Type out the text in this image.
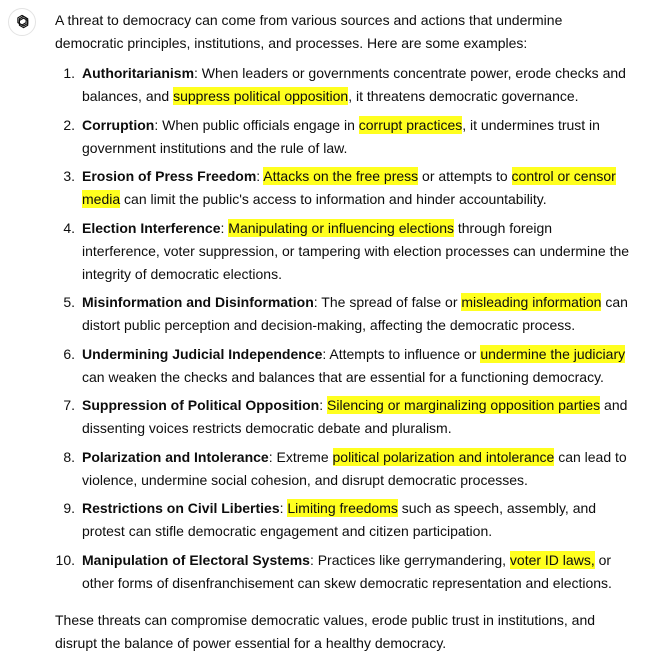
A threat to democracy can come from various sources and actions that undermine democratic principles, institutions, and processes. Here are some examples:

1. Authoritarianism: When leaders or governments concentrate power, erode checks and balances, and suppress political opposition, it threatens democratic governance.
2. Corruption: When public officials engage in corrupt practices, it undermines trust in government institutions and the rule of law.
3. Erosion of Press Freedom: Attacks on the free press or attempts to control or censor media can limit the public's access to information and hinder accountability.
4. Election Interference: Manipulating or influencing elections through foreign interference, voter suppression, or tampering with election processes can undermine the integrity of democratic elections.
5. Misinformation and Disinformation: The spread of false or misleading information can distort public perception and decision-making, affecting the democratic process.
6. Undermining Judicial Independence: Attempts to influence or undermine the judiciary can weaken the checks and balances that are essential for a functioning democracy.
7. Suppression of Political Opposition: Silencing or marginalizing opposition parties and dissenting voices restricts democratic debate and pluralism.
8. Polarization and Intolerance: Extreme political polarization and intolerance can lead to violence, undermine social cohesion, and disrupt democratic processes.
9. Restrictions on Civil Liberties: Limiting freedoms such as speech, assembly, and protest can stifle democratic engagement and citizen participation.
10. Manipulation of Electoral Systems: Practices like gerrymandering, voter ID laws, or other forms of disenfranchisement can skew democratic representation and elections.

These threats can compromise democratic values, erode public trust in institutions, and disrupt the balance of power essential for a healthy democracy.
